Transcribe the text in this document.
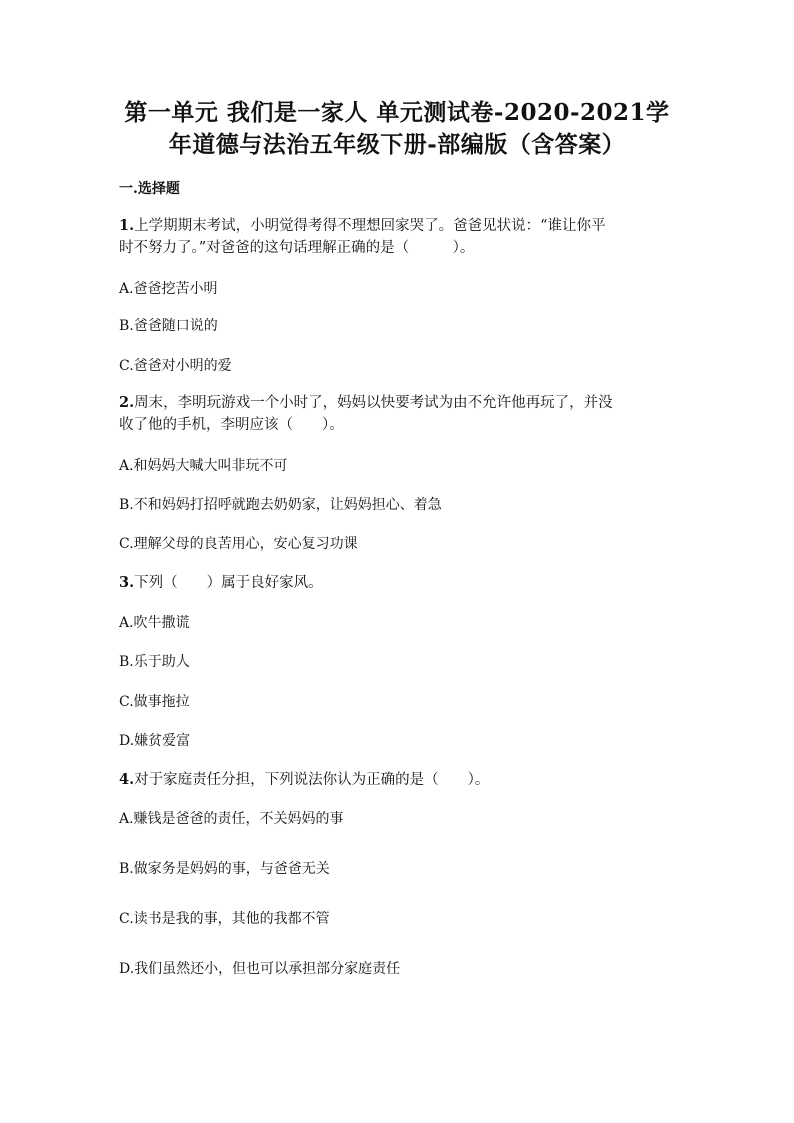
第一单元 我们是一家人 单元测试卷-2020-2021学
年道德与法治五年级下册-部编版（含答案）
一.选择题
1.上学期期末考试，小明觉得考得不理想回家哭了。爸爸见状说：“谁让你平
时不努力了。”对爸爸的这句话理解正确的是（　　　）。
A.爸爸挖苦小明
B.爸爸随口说的
C.爸爸对小明的爱
2.周末，李明玩游戏一个小时了，妈妈以快要考试为由不允许他再玩了，并没
收了他的手机，李明应该（　　）。
A.和妈妈大喊大叫非玩不可
B.不和妈妈打招呼就跑去奶奶家，让妈妈担心、着急
C.理解父母的良苦用心，安心复习功课
3.下列（　　）属于良好家风。
A.吹牛撒谎
B.乐于助人
C.做事拖拉
D.嫌贫爱富
4.对于家庭责任分担，下列说法你认为正确的是（　　）。
A.赚钱是爸爸的责任，不关妈妈的事
B.做家务是妈妈的事，与爸爸无关
C.读书是我的事，其他的我都不管
D.我们虽然还小，但也可以承担部分家庭责任
